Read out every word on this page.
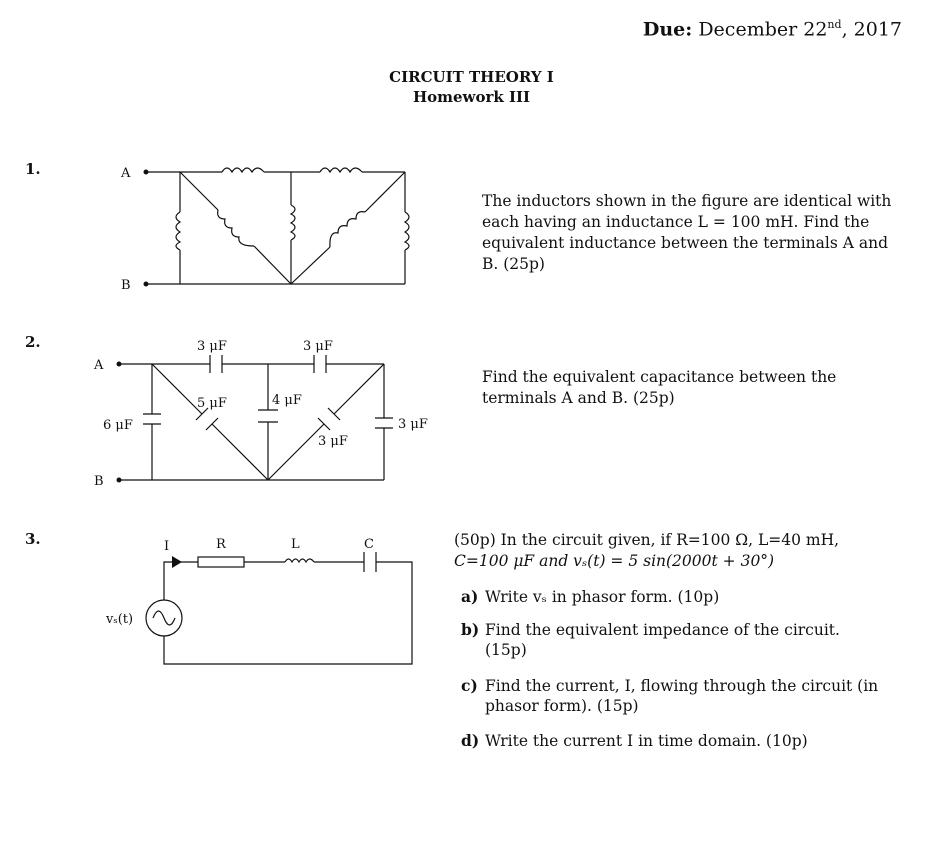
Due: December 22nd, 2017
CIRCUIT THEORY I
Homework III
1.	A
B
The inductors shown in the figure are identical with each having an inductance L = 100 mH. Find the equivalent inductance between the terminals A and B. (25p)
2.
A
B
3 μF	3 μF
6 μF
4 μF
3 μF
5 μF
3 μF
Find the equivalent capacitance between the terminals A and B. (25p)
3.	I	R	L	C
vₛ(t)
(50p) In the circuit given, if R=100 Ω, L=40 mH,
C=100 μF and vₛ(t) = 5 sin(2000t + 30°)
a) Write vₛ in phasor form. (10p)
b) Find the equivalent impedance of the circuit. (15p)
c) Find the current, I, flowing through the circuit (in phasor form). (15p)
d) Write the current I in time domain. (10p)
